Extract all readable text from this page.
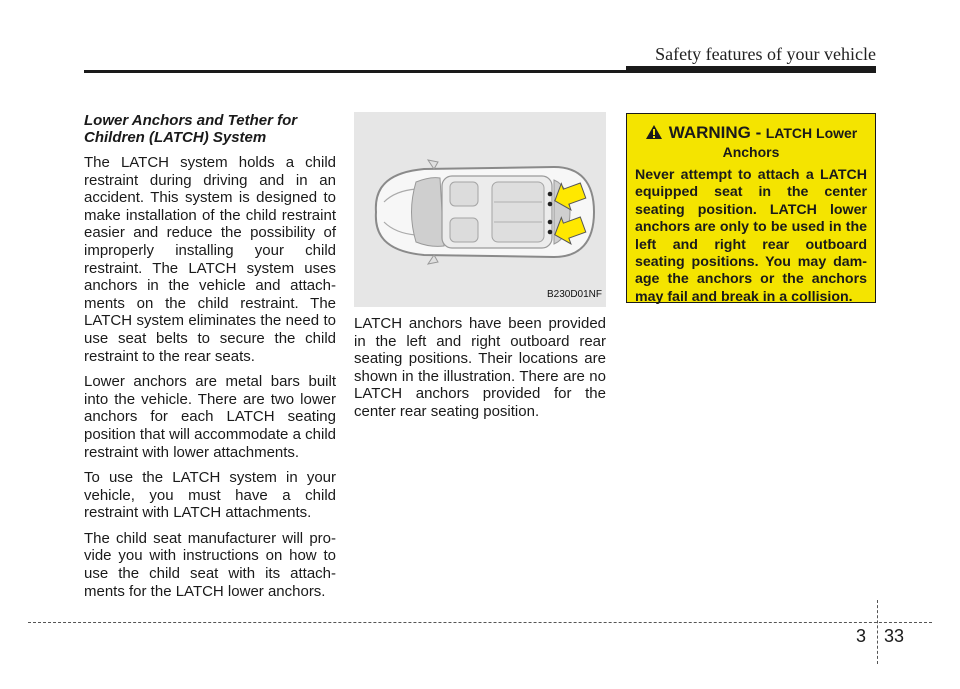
Safety features of your vehicle
Lower Anchors and Tether for Children (LATCH) System

The LATCH system holds a child restraint during driving and in an accident. This system is designed to make installation of the child restraint easier and reduce the possibility of improperly installing your child restraint. The LATCH system uses anchors in the vehicle and attach- ments on the child restraint. The LATCH system eliminates the need to use seat belts to secure the child restraint to the rear seats.

Lower anchors are metal bars built into the vehicle. There are two lower anchors for each LATCH seating position that will accommodate a child restraint with lower attachments.

To use the LATCH system in your vehicle, you must have a child restraint with LATCH attachments.

The child seat manufacturer will pro- vide you with instructions on how to use the child seat with its attach- ments for the LATCH lower anchors.

B230D01NF

LATCH anchors have been provided in the left and right outboard rear seating positions. Their locations are shown in the illustration. There are no LATCH anchors provided for the center rear seating position.

WARNING - LATCH Lower
Anchors
Never attempt to attach a LATCH equipped seat in the center seating position. LATCH lower anchors are only to be used in the left and right rear outboard seating positions. You may dam- age the anchors or the anchors may fail and break in a collision.
3 33
